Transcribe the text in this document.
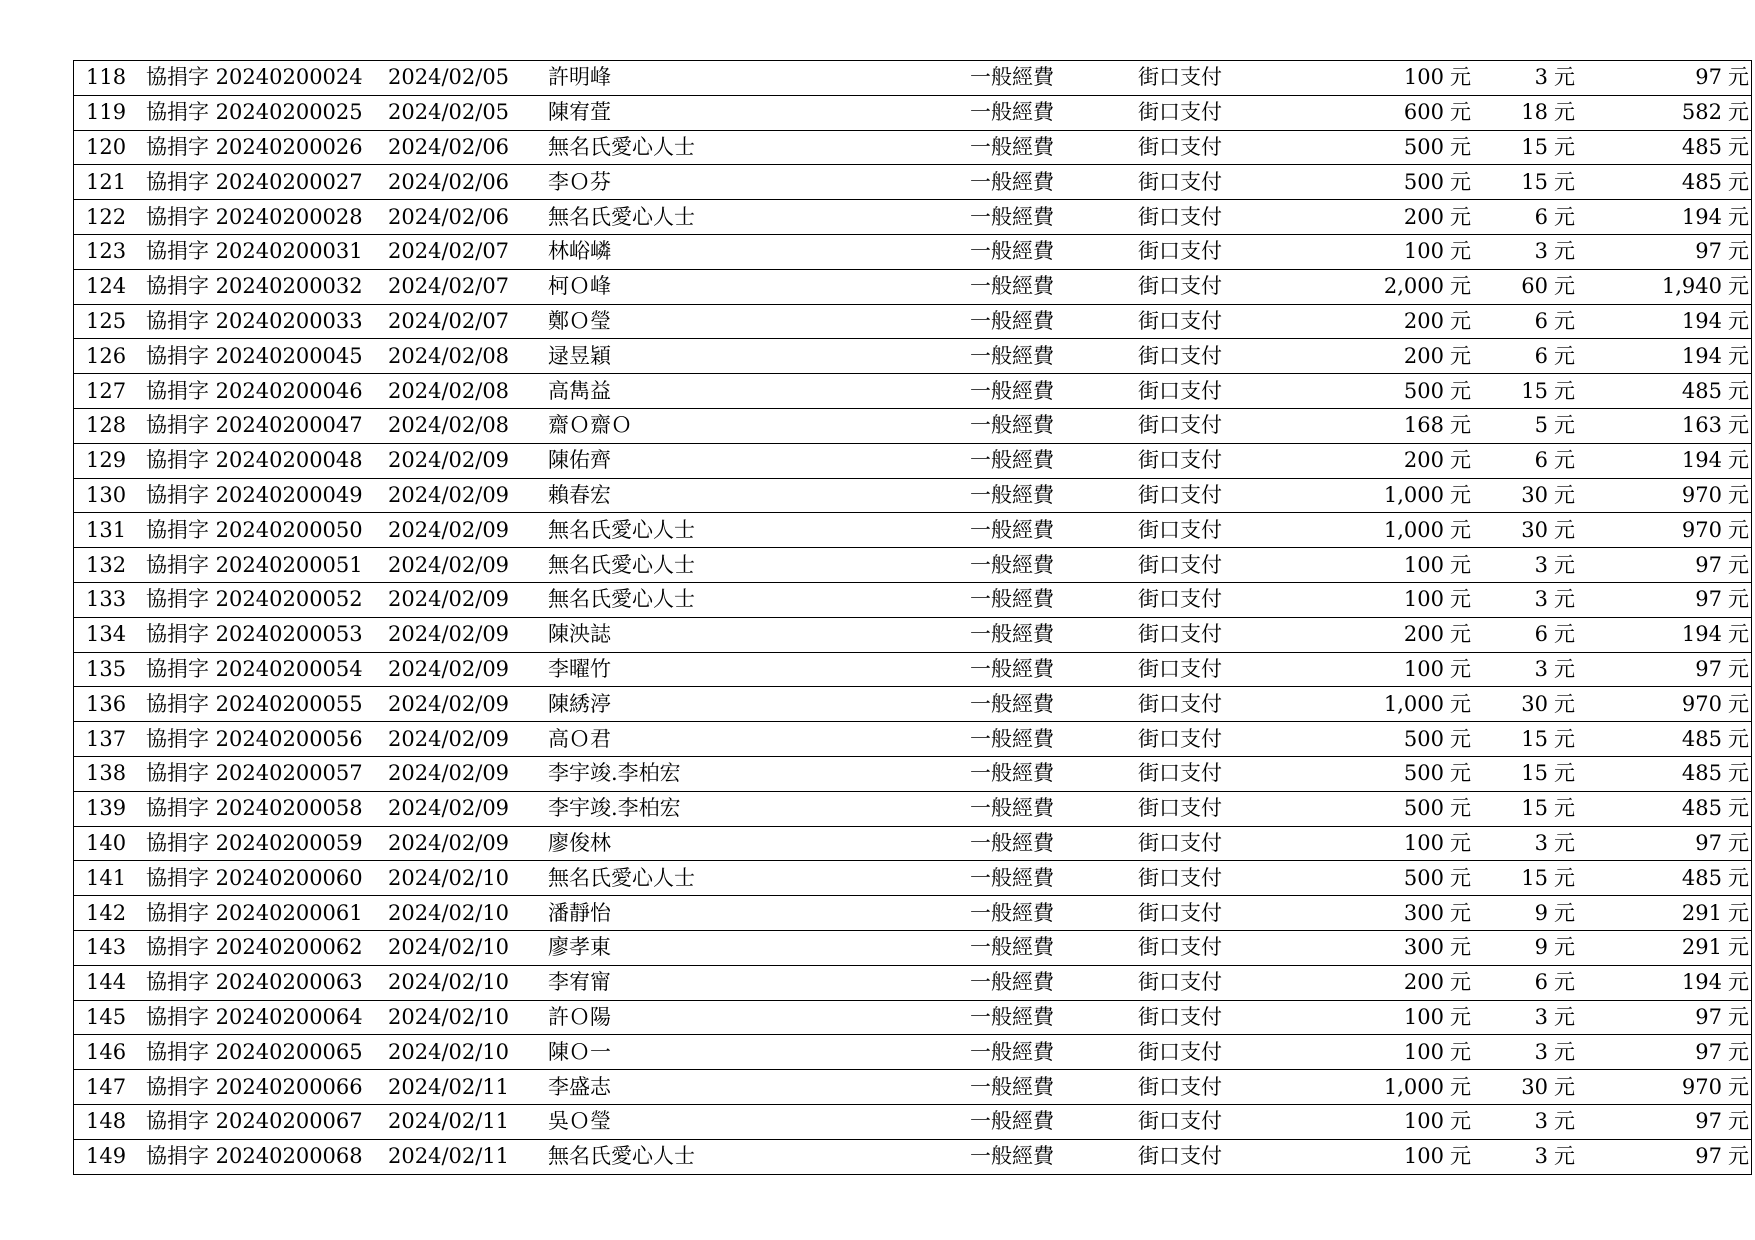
118	協捐字 20240200024	2024/02/05	許明峰	一般經費	街口支付	100 元	3 元	97 元
119	協捐字 20240200025	2024/02/05	陳宥萓	一般經費	街口支付	600 元	18 元	582 元
120	協捐字 20240200026	2024/02/06	無名氏愛心人士	一般經費	街口支付	500 元	15 元	485 元
121	協捐字 20240200027	2024/02/06	李Ｏ芬	一般經費	街口支付	500 元	15 元	485 元
122	協捐字 20240200028	2024/02/06	無名氏愛心人士	一般經費	街口支付	200 元	6 元	194 元
123	協捐字 20240200031	2024/02/07	林峪嶙	一般經費	街口支付	100 元	3 元	97 元
124	協捐字 20240200032	2024/02/07	柯Ｏ峰	一般經費	街口支付	2,000 元	60 元	1,940 元
125	協捐字 20240200033	2024/02/07	鄭Ｏ瑩	一般經費	街口支付	200 元	6 元	194 元
126	協捐字 20240200045	2024/02/08	逯昱穎	一般經費	街口支付	200 元	6 元	194 元
127	協捐字 20240200046	2024/02/08	高雋益	一般經費	街口支付	500 元	15 元	485 元
128	協捐字 20240200047	2024/02/08	齋Ｏ齋Ｏ	一般經費	街口支付	168 元	5 元	163 元
129	協捐字 20240200048	2024/02/09	陳佑齊	一般經費	街口支付	200 元	6 元	194 元
130	協捐字 20240200049	2024/02/09	賴春宏	一般經費	街口支付	1,000 元	30 元	970 元
131	協捐字 20240200050	2024/02/09	無名氏愛心人士	一般經費	街口支付	1,000 元	30 元	970 元
132	協捐字 20240200051	2024/02/09	無名氏愛心人士	一般經費	街口支付	100 元	3 元	97 元
133	協捐字 20240200052	2024/02/09	無名氏愛心人士	一般經費	街口支付	100 元	3 元	97 元
134	協捐字 20240200053	2024/02/09	陳泱誌	一般經費	街口支付	200 元	6 元	194 元
135	協捐字 20240200054	2024/02/09	李曜竹	一般經費	街口支付	100 元	3 元	97 元
136	協捐字 20240200055	2024/02/09	陳綉渟	一般經費	街口支付	1,000 元	30 元	970 元
137	協捐字 20240200056	2024/02/09	高Ｏ君	一般經費	街口支付	500 元	15 元	485 元
138	協捐字 20240200057	2024/02/09	李宇竣.李柏宏	一般經費	街口支付	500 元	15 元	485 元
139	協捐字 20240200058	2024/02/09	李宇竣.李柏宏	一般經費	街口支付	500 元	15 元	485 元
140	協捐字 20240200059	2024/02/09	廖俊林	一般經費	街口支付	100 元	3 元	97 元
141	協捐字 20240200060	2024/02/10	無名氏愛心人士	一般經費	街口支付	500 元	15 元	485 元
142	協捐字 20240200061	2024/02/10	潘靜怡	一般經費	街口支付	300 元	9 元	291 元
143	協捐字 20240200062	2024/02/10	廖孝東	一般經費	街口支付	300 元	9 元	291 元
144	協捐字 20240200063	2024/02/10	李宥甯	一般經費	街口支付	200 元	6 元	194 元
145	協捐字 20240200064	2024/02/10	許Ｏ陽	一般經費	街口支付	100 元	3 元	97 元
146	協捐字 20240200065	2024/02/10	陳Ｏ一	一般經費	街口支付	100 元	3 元	97 元
147	協捐字 20240200066	2024/02/11	李盛志	一般經費	街口支付	1,000 元	30 元	970 元
148	協捐字 20240200067	2024/02/11	吳Ｏ瑩	一般經費	街口支付	100 元	3 元	97 元
149	協捐字 20240200068	2024/02/11	無名氏愛心人士	一般經費	街口支付	100 元	3 元	97 元
